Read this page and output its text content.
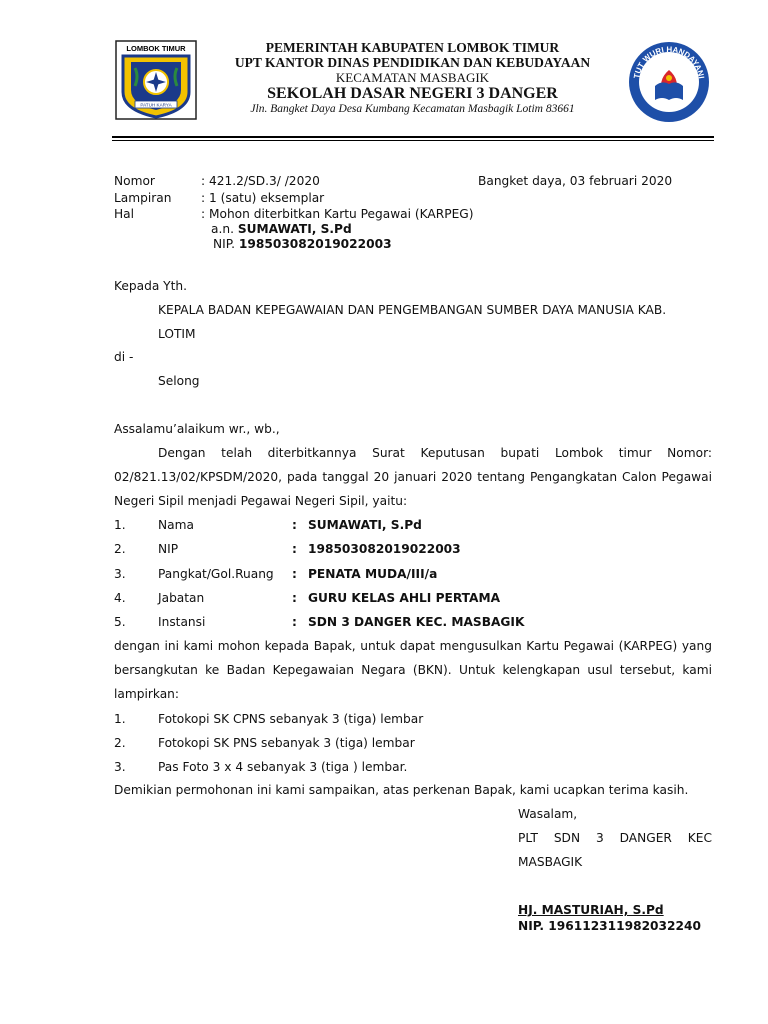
LOMBOK TIMUR
PATUH KARYA
TUT WURI HANDAYANI
PEMERINTAH KABUPATEN LOMBOK TIMUR
UPT KANTOR DINAS PENDIDIKAN DAN KEBUDAYAAN
KECAMATAN MASBAGIK
SEKOLAH DASAR NEGERI 3 DANGER
Jln. Bangket Daya Desa Kumbang Kecamatan Masbagik Lotim 83661
Nomor	: 421.2/SD.3/ /2020	Bangket daya, 03 februari 2020
Lampiran : 1 (satu) eksemplar
Hal	: Mohon diterbitkan Kartu Pegawai (KARPEG)
a.n. SUMAWATI, S.Pd
NIP. 198503082019022003
Kepada Yth.
KEPALA BADAN KEPEGAWAIAN DAN PENGEMBANGAN SUMBER DAYA MANUSIA KAB.
LOTIM
di -
Selong
Assalamu’alaikum wr., wb.,
Dengan telah diterbitkannya Surat Keputusan bupati Lombok timur Nomor:
02/821.13/02/KPSDM/2020, pada tanggal 20 januari 2020 tentang Pengangkatan Calon Pegawai
Negeri Sipil menjadi Pegawai Negeri Sipil, yaitu:
1.	Nama	: SUMAWATI, S.Pd
2.	NIP	: 198503082019022003
3.	Pangkat/Gol.Ruang : PENATA MUDA/III/a
4.	Jabatan	: GURU KELAS AHLI PERTAMA
5.	Instansi	: SDN 3 DANGER KEC. MASBAGIK
dengan ini kami mohon kepada Bapak, untuk dapat mengusulkan Kartu Pegawai (KARPEG) yang
bersangkutan ke Badan Kepegawaian Negara (BKN). Untuk kelengkapan usul tersebut, kami
lampirkan:
1.	Fotokopi SK CPNS sebanyak 3 (tiga) lembar
2.	Fotokopi SK PNS sebanyak 3 (tiga) lembar
3.	Pas Foto 3 x 4 sebanyak 3 (tiga ) lembar.
Demikian permohonan ini kami sampaikan, atas perkenan Bapak, kami ucapkan terima kasih.
Wasalam,
PLT SDN 3 DANGER KEC
MASBAGIK
HJ. MASTURIAH, S.Pd
NIP. 196112311982032240
